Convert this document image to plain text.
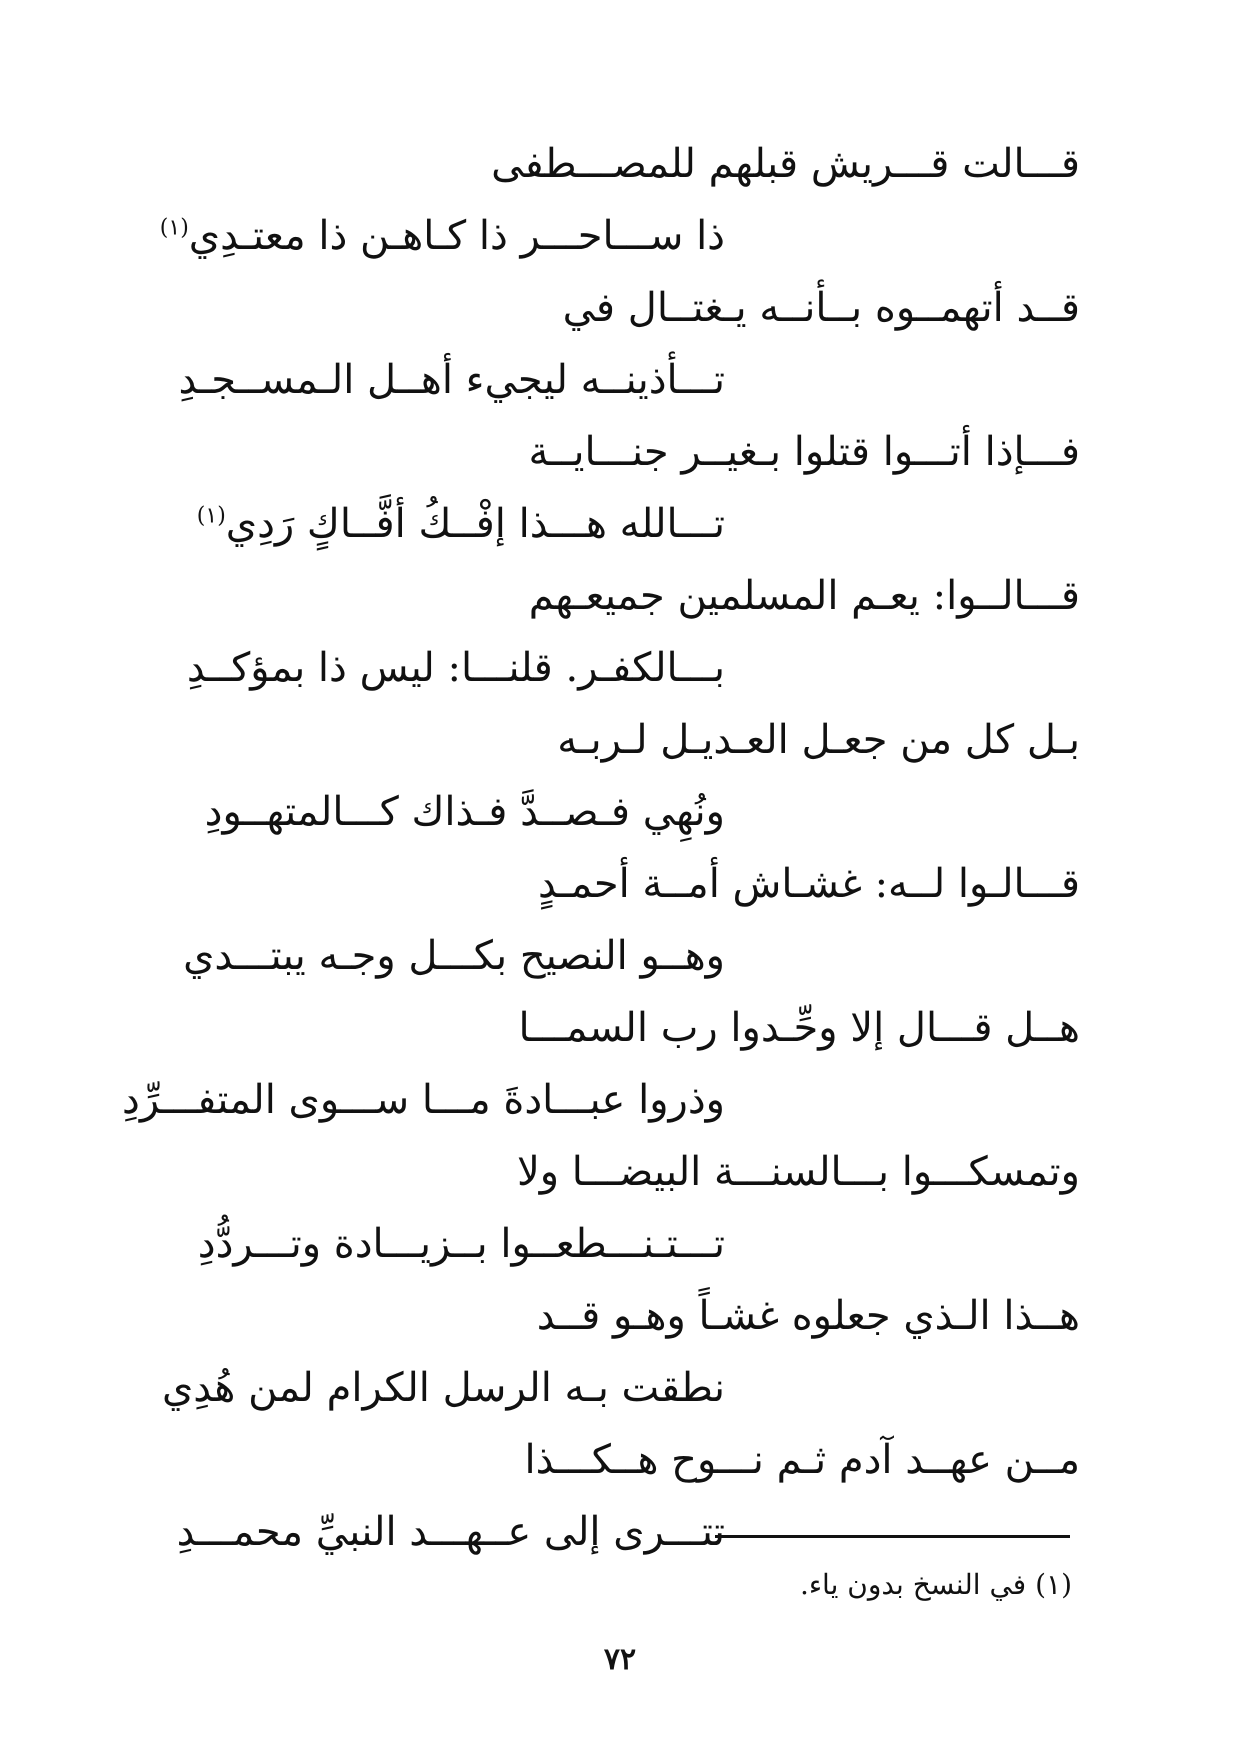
قـــالت قـــريش قبلهم للمصـــطفى
ذا ســـاحـــر ذا كـاهـن ذا معتـدِي$^{(١)}$
قــد أتهمــوه بــأنــه يـغتــال في
تـــأذينــه ليجيء أهــل الـمســجـدِ
فـــإذا أتـــوا قتلوا بـغيــر جنـــايــة
تـــالله هـــذا إفْــكُ أفَّــاكٍ رَدِي$^{(١)}$
قـــالــوا: يعـم المسلمين جميعـهم
بـــالكفـر. قلنـــا: ليس ذا بمؤكــدِ
بـل كل من جعـل العـديـل لـربـه
ونُهِي فـصــدَّ فـذاك كـــالمتهــودِ
قـــالـوا لــه: غشـاش أمــة أحمـدٍ
وهــو النصيح بكـــل وجـه يبتـــدي
هــل قـــال إلا وحِّـدوا رب السمـــا
وذروا عبـــادةَ مـــا ســـوى المتفـــرِّدِ
وتمسكـــوا بـــالسنـــة البيضـــا ولا
تـــتـنـــطعــوا بــزيـــادة وتـــردُّدِ
هــذا الـذي جعلوه غشـاً وهـو قــد
نطقت بـه الرسل الكرام لمن هُدِي
مــن عهــد آدم ثـم نـــوح هــكـــذا
تتـــرى إلى عــهـــد النبيِّ محمـــدِ
(١) في النسخ بدون ياء.
٧٢
